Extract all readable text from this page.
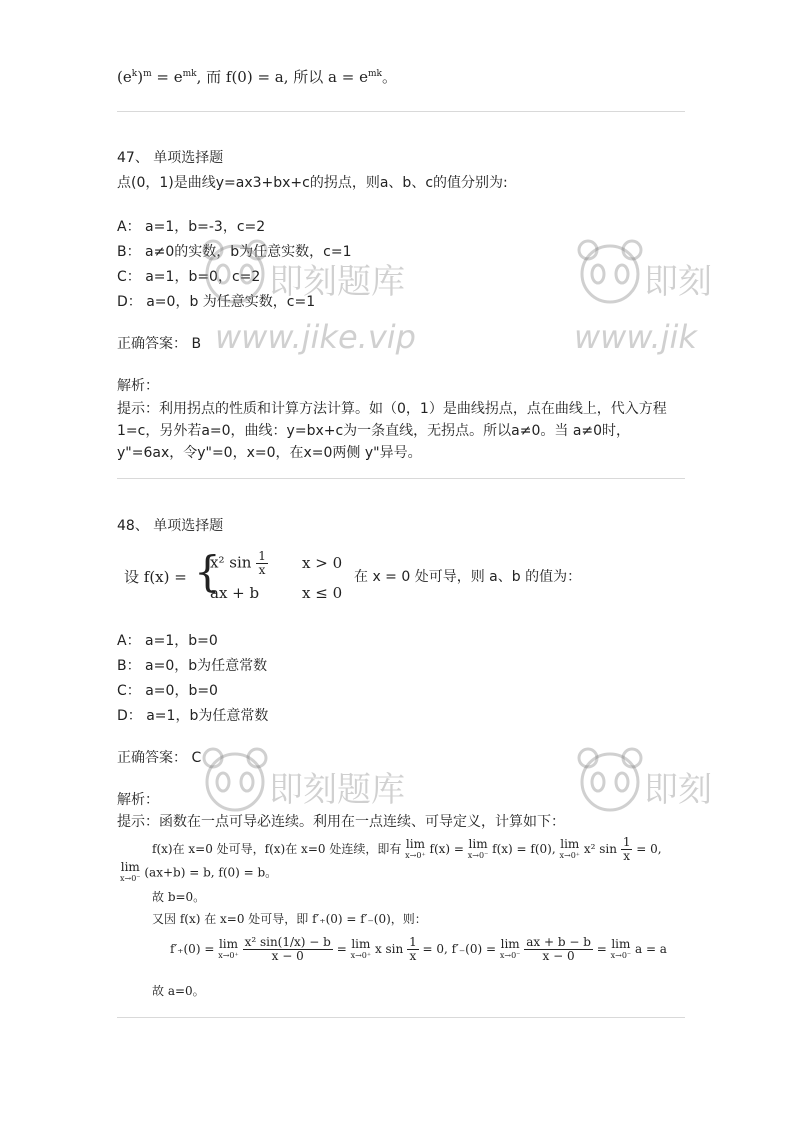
$(e^k)^m = e^{mk}$, 而 f(0) = a, 所以 $a = e^{mk}$。
47、 单项选择题
点(0，1)是曲线y=ax3+bx+c的拐点，则a、b、c的值分别为:
A： a=1，b=-3，c=2
B： a≠0的实数，b为任意实数，c=1
C： a=1，b=0，c=2
D： a=0，b 为任意实数，c=1
正确答案： B
解析：
提示：利用拐点的性质和计算方法计算。如（0，1）是曲线拐点，点在曲线上，代入方程1=c，另外若a=0，曲线：y=bx+c为一条直线，无拐点。所以a≠0。当 a≠0时，y"=6ax，令y"=0，x=0，在x=0两侧 y"异号。
48、 单项选择题
设 f(x) = {
x² $\sin \frac{1}{x}$ x > 0
ax + b	x ≤ 0
在 x = 0 处可导，则 a、b 的值为：
A： a=1，b=0
B： a=0，b为任意常数
C： a=0，b=0
D： a=1，b为任意常数
正确答案： C
解析：
提示：函数在一点可导必连续。利用在一点连续、可导定义，计算如下：
f(x)在 x=0 处可导，f(x)在 x=0 处连续，即有 lim
x→0⁺ f(x) = lim
x→0⁻ f(x) = f(0), lim
x→0⁺ x² $\sin \frac{1}{x} = 0$,
lim
x→0⁻ (ax+b) = b, f(0) = b。
故 b=0。
又因 f(x) 在 x=0 处可导，即 f′₊(0) = f′₋(0)，则：
f′₊(0) = lim
x→0⁺
$\frac{\text{x² sin(1/x) − b}}{x - 0} = \lim$
x→0⁺ x $\sin \frac{1}{x} = 0$, f′₋(0) = lim
x→0⁻
$\frac{ax + b - b}{x - 0} = \lim$
x→0⁻ a = a
故 a=0。
即刻题库
www.jike.vip
即刻
www.jik
即刻题库	即刻
